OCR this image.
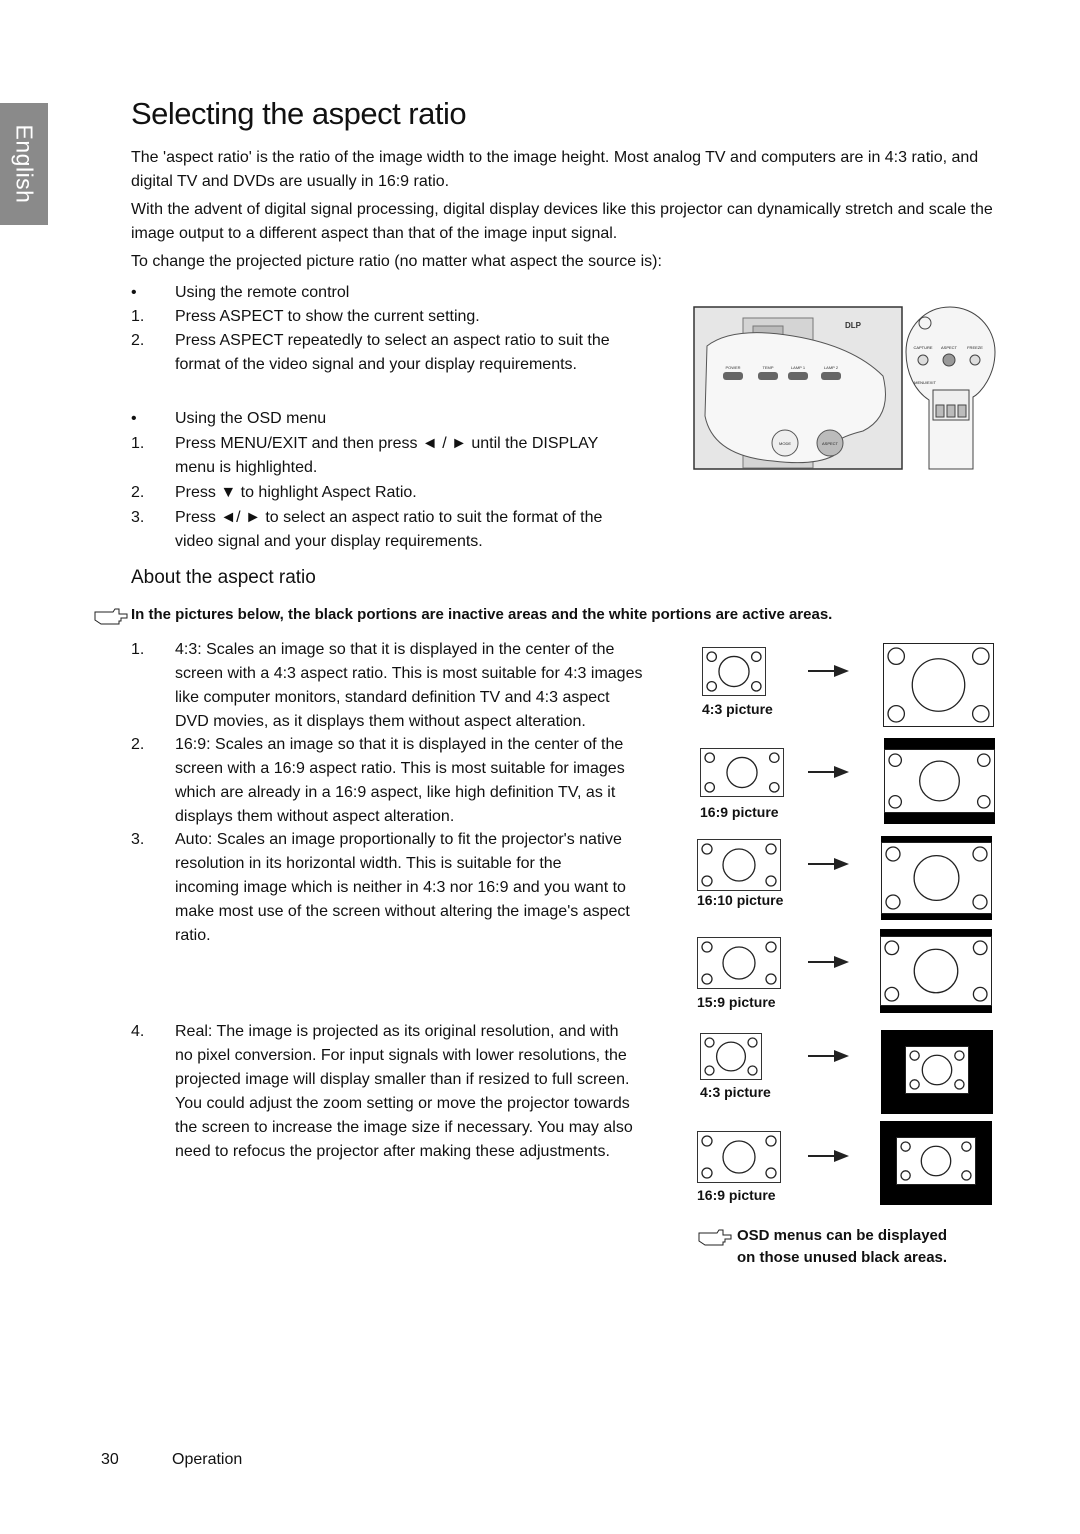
English
Selecting the aspect ratio
The 'aspect ratio' is the ratio of the image width to the image height. Most analog TV and computers are in 4:3 ratio, and digital TV and DVDs are usually in 16:9 ratio.
With the advent of digital signal processing, digital display devices like this projector can dynamically stretch and scale the image output to a different aspect than that of the image input signal.
To change the projected picture ratio (no matter what aspect the source is):
• Using the remote control
1. Press ASPECT to show the current setting.
2. Press ASPECT repeatedly to select an aspect ratio to suit the
format of the video signal and your display requirements.
• Using the OSD menu
1. Press MENU/EXIT and then press ◄ / ► until the DISPLAY
menu is highlighted.
2. Press ▼ to highlight Aspect Ratio.
3. Press ◄/ ► to select an aspect ratio to suit the format of the
video signal and your display requirements.
POWER	TEMP	LAMP 1	LAMP 2
MODE	ASPECT
DLP
CAPTURE ASPECT	FREEZE
MENU/EXIT
About the aspect ratio
In the pictures below, the black portions are inactive areas and the white portions are active areas.
1. 4:3: Scales an image so that it is displayed in the center of the
screen with a 4:3 aspect ratio. This is most suitable for 4:3 images
like computer monitors, standard definition TV and 4:3 aspect
DVD movies, as it displays them without aspect alteration.
2. 16:9: Scales an image so that it is displayed in the center of the
screen with a 16:9 aspect ratio. This is most suitable for images
which are already in a 16:9 aspect, like high definition TV, as it
displays them without aspect alteration.
3. Auto: Scales an image proportionally to fit the projector's native
resolution in its horizontal width. This is suitable for the
incoming image which is neither in 4:3 nor 16:9 and you want to
make most use of the screen without altering the image's aspect
ratio.
4. Real: The image is projected as its original resolution, and with
no pixel conversion. For input signals with lower resolutions, the
projected image will display smaller than if resized to full screen.
You could adjust the zoom setting or move the projector towards
the screen to increase the image size if necessary. You may also
need to refocus the projector after making these adjustments.
4:3 picture
16:9 picture
16:10 picture
15:9 picture
4:3 picture
16:9 picture
OSD menus can be displayed
on those unused black areas.
30	Operation
